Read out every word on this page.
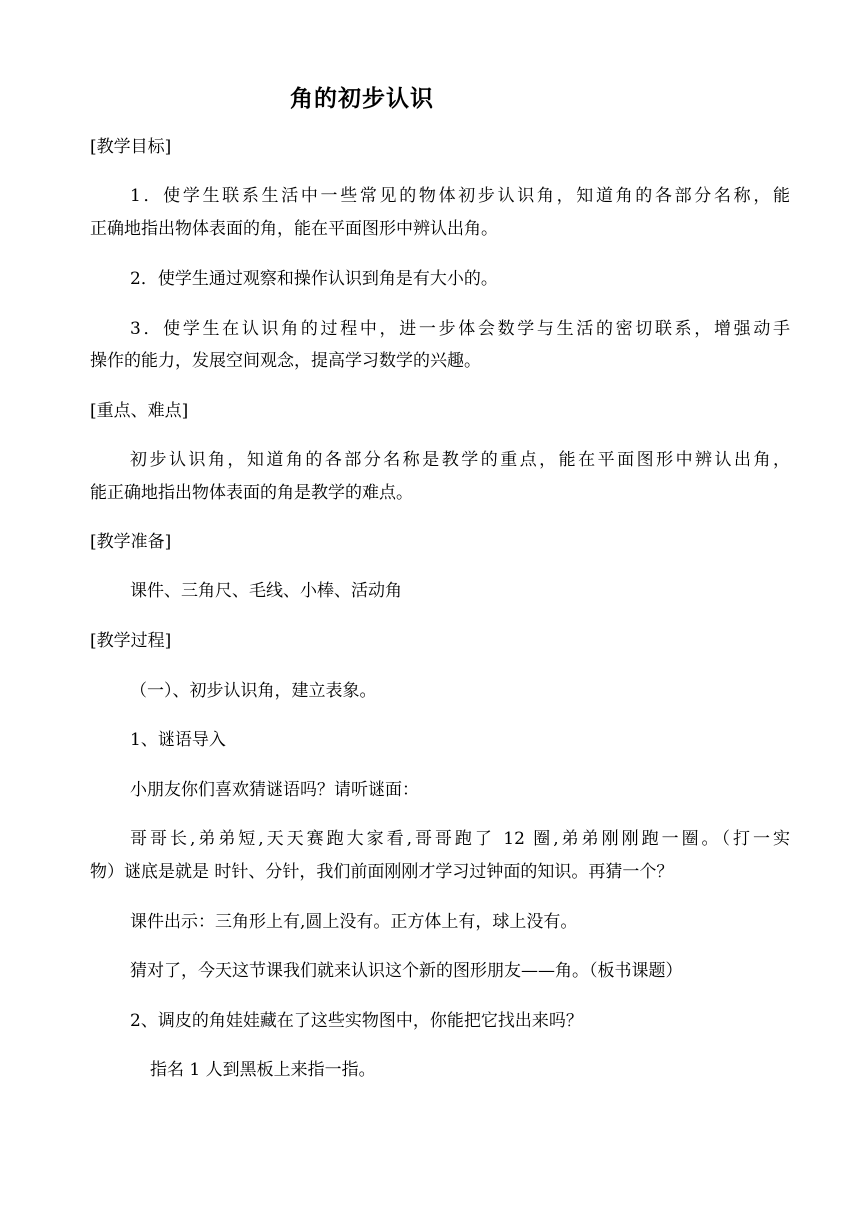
角的初步认识
[教学目标]
1．使学生联系生活中一些常见的物体初步认识角，知道角的各部分名称，能
正确地指出物体表面的角，能在平面图形中辨认出角。
2．使学生通过观察和操作认识到角是有大小的。
3．使学生在认识角的过程中，进一步体会数学与生活的密切联系，增强动手
操作的能力，发展空间观念，提高学习数学的兴趣。
[重点、难点]
初步认识角，知道角的各部分名称是教学的重点，能在平面图形中辨认出角，
能正确地指出物体表面的角是教学的难点。
[教学准备]
课件、三角尺、毛线、小棒、活动角
[教学过程]
（一）、初步认识角，建立表象。
1、谜语导入
小朋友你们喜欢猜谜语吗？请听谜面：
哥哥长,弟弟短,天天赛跑大家看,哥哥跑了 12 圈,弟弟刚刚跑一圈。（打一实
物）谜底是就是 时针、分针，我们前面刚刚才学习过钟面的知识。再猜一个？
课件出示：三角形上有,圆上没有。正方体上有，球上没有。
猜对了，今天这节课我们就来认识这个新的图形朋友——角。（板书课题）
2、调皮的角娃娃藏在了这些实物图中，你能把它找出来吗？
指名 1 人到黑板上来指一指。
